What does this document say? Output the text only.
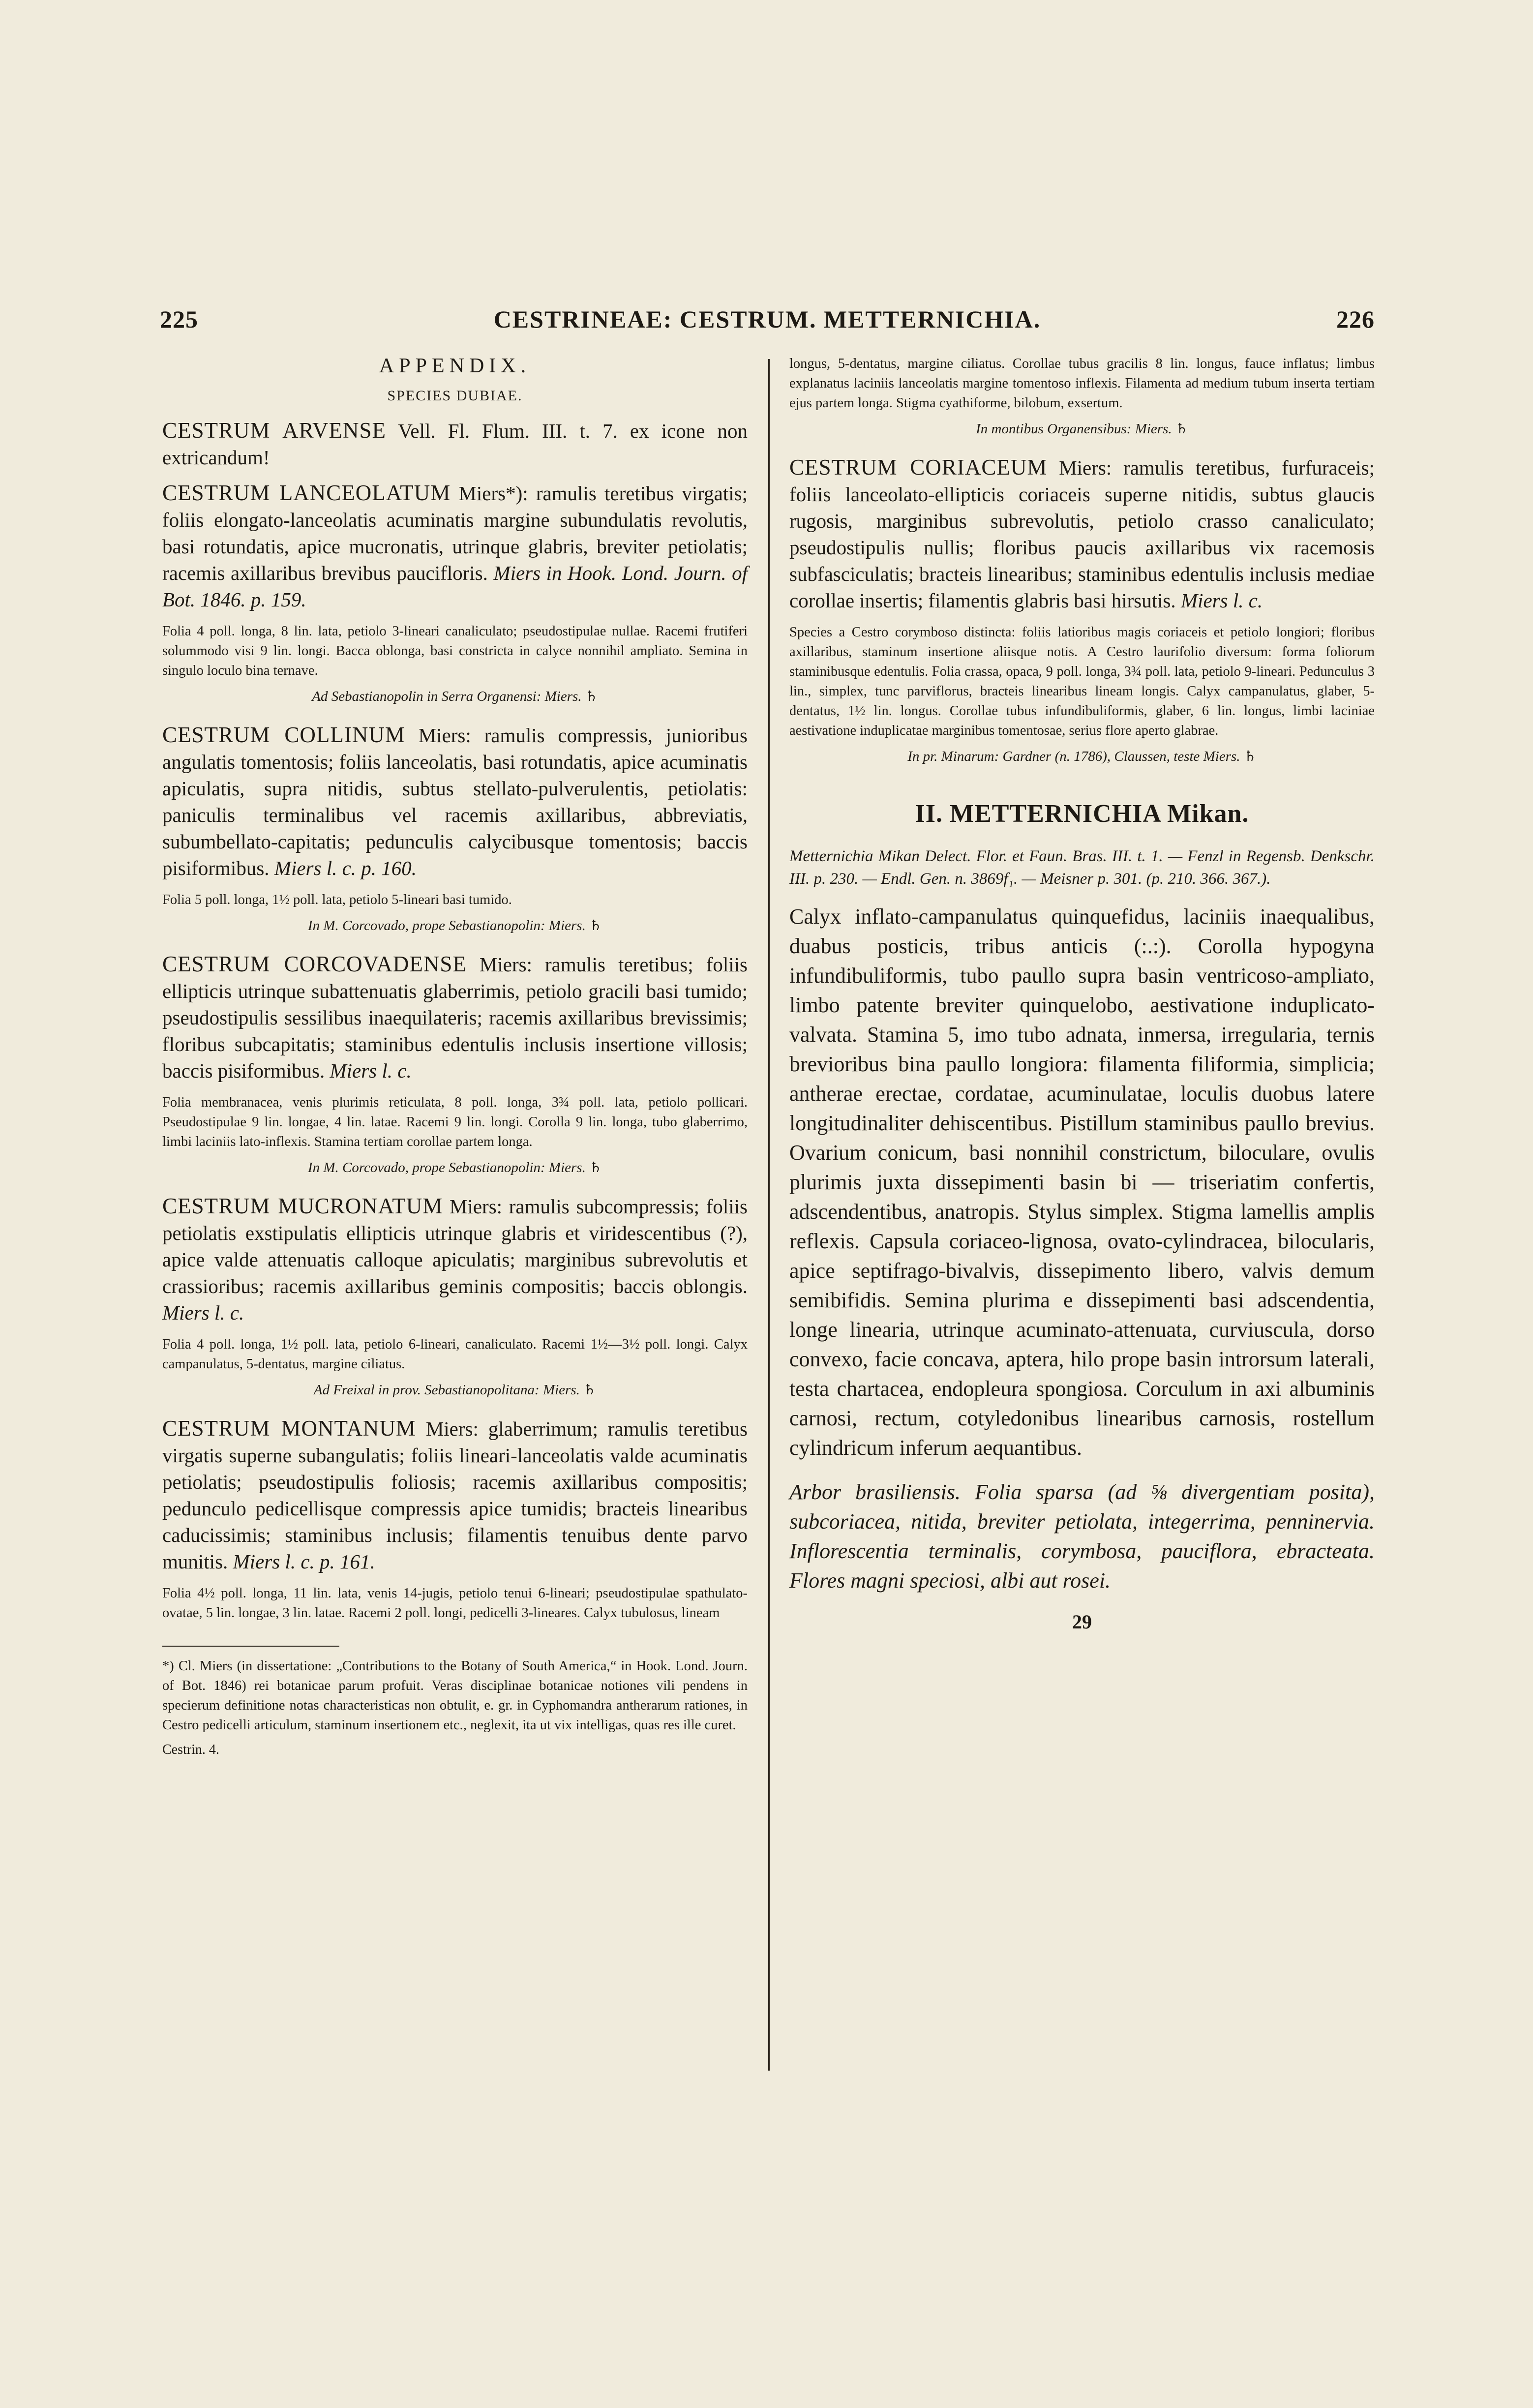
225	CESTRINEAE: CESTRUM. METTERNICHIA.	226

APPENDIX.

SPECIES DUBIAE.

CESTRUM ARVENSE Vell. Fl. Flum. III. t. 7. ex icone non extricandum!

CESTRUM LANCEOLATUM Miers*): ramulis teretibus virgatis; foliis elongato-lanceolatis acuminatis margine subundulatis revolutis, basi rotundatis, apice mucronatis, utrinque glabris, breviter petiolatis; racemis axillaribus brevibus paucifloris. Miers in Hook. Lond. Journ. of Bot. 1846. p. 159.

Folia 4 poll. longa, 8 lin. lata, petiolo 3-lineari canaliculato; pseudostipulae nullae. Racemi frutiferi solummodo visi 9 lin. longi. Bacca oblonga, basi constricta in calyce nonnihil ampliato. Semina in singulo loculo bina ternave.

Ad Sebastianopolin in Serra Organensi: Miers. ♄

CESTRUM COLLINUM Miers: ramulis compressis, junioribus angulatis tomentosis; foliis lanceolatis, basi rotundatis, apice acuminatis apiculatis, supra nitidis, subtus stellato-pulverulentis, petiolatis: paniculis terminalibus vel racemis axillaribus, abbreviatis, subumbellato-capitatis; pedunculis calycibusque tomentosis; baccis pisiformibus. Miers l. c. p. 160.

Folia 5 poll. longa, 1½ poll. lata, petiolo 5-lineari basi tumido.

In M. Corcovado, prope Sebastianopolin: Miers. ♄

CESTRUM CORCOVADENSE Miers: ramulis teretibus; foliis ellipticis utrinque subattenuatis glaberrimis, petiolo gracili basi tumido; pseudostipulis sessilibus inaequilateris; racemis axillaribus brevissimis; floribus subcapitatis; staminibus edentulis inclusis insertione villosis; baccis pisiformibus. Miers l. c.

Folia membranacea, venis plurimis reticulata, 8 poll. longa, 3¾ poll. lata, petiolo pollicari. Pseudostipulae 9 lin. longae, 4 lin. latae. Racemi 9 lin. longi. Corolla 9 lin. longa, tubo glaberrimo, limbi laciniis lato-inflexis. Stamina tertiam corollae partem longa.

In M. Corcovado, prope Sebastianopolin: Miers. ♄

CESTRUM MUCRONATUM Miers: ramulis subcompressis; foliis petiolatis exstipulatis ellipticis utrinque glabris et viridescentibus (?), apice valde attenuatis calloque apiculatis; marginibus subrevolutis et crassioribus; racemis axillaribus geminis compositis; baccis oblongis. Miers l. c.

Folia 4 poll. longa, 1½ poll. lata, petiolo 6-lineari, canaliculato. Racemi 1½—3½ poll. longi. Calyx campanulatus, 5-dentatus, margine ciliatus.

Ad Freixal in prov. Sebastianopolitana: Miers. ♄

CESTRUM MONTANUM Miers: glaberrimum; ramulis teretibus virgatis superne subangulatis; foliis lineari-lanceolatis valde acuminatis petiolatis; pseudostipulis foliosis; racemis axillaribus compositis; pedunculo pedicellisque compressis apice tumidis; bracteis linearibus caducissimis; staminibus inclusis; filamentis tenuibus dente parvo munitis. Miers l. c. p. 161.

Folia 4½ poll. longa, 11 lin. lata, venis 14-jugis, petiolo tenui 6-lineari; pseudostipulae spathulato-ovatae, 5 lin. longae, 3 lin. latae. Racemi 2 poll. longi, pedicelli 3-lineares. Calyx tubulosus, lineam

*) Cl. Miers (in dissertatione: „Contributions to the Botany of South America,“ in Hook. Lond. Journ. of Bot. 1846) rei botanicae parum profuit. Veras disciplinae botanicae notiones vili pendens in specierum definitione notas characteristicas non obtulit, e. gr. in Cyphomandra antherarum rationes, in Cestro pedicelli articulum, staminum insertionem etc., neglexit, ita ut vix intelligas, quas res ille curet.

Cestrin. 4.

longus, 5-dentatus, margine ciliatus. Corollae tubus gracilis 8 lin. longus, fauce inflatus; limbus explanatus laciniis lanceolatis margine tomentoso inflexis. Filamenta ad medium tubum inserta tertiam ejus partem longa. Stigma cyathiforme, bilobum, exsertum.

In montibus Organensibus: Miers. ♄

CESTRUM CORIACEUM Miers: ramulis teretibus, furfuraceis; foliis lanceolato-ellipticis coriaceis superne nitidis, subtus glaucis rugosis, marginibus subrevolutis, petiolo crasso canaliculato; pseudostipulis nullis; floribus paucis axillaribus vix racemosis subfasciculatis; bracteis linearibus; staminibus edentulis inclusis mediae corollae insertis; filamentis glabris basi hirsutis. Miers l. c.

Species a Cestro corymboso distincta: foliis latioribus magis coriaceis et petiolo longiori; floribus axillaribus, staminum insertione aliisque notis. A Cestro laurifolio diversum: forma foliorum staminibusque edentulis. Folia crassa, opaca, 9 poll. longa, 3¾ poll. lata, petiolo 9-lineari. Pedunculus 3 lin., simplex, tunc parviflorus, bracteis linearibus lineam longis. Calyx campanulatus, glaber, 5-dentatus, 1½ lin. longus. Corollae tubus infundibuliformis, glaber, 6 lin. longus, limbi laciniae aestivatione induplicatae marginibus tomentosae, serius flore aperto glabrae.

In pr. Minarum: Gardner (n. 1786), Claussen, teste Miers. ♄

II. METTERNICHIA Mikan.

Metternichia Mikan Delect. Flor. et Faun. Bras. III. t. 1. — Fenzl in Regensb. Denkschr. III. p. 230. — Endl. Gen. n. 3869f₁. — Meisner p. 301. (p. 210. 366. 367.).

Calyx inflato-campanulatus quinquefidus, laciniis inaequalibus, duabus posticis, tribus anticis (:.:). Corolla hypogyna infundibuliformis, tubo paullo supra basin ventricoso-ampliato, limbo patente breviter quinquelobo, aestivatione induplicato-valvata. Stamina 5, imo tubo adnata, inmersa, irregularia, ternis brevioribus bina paullo longiora: filamenta filiformia, simplicia; antherae erectae, cordatae, acuminulatae, loculis duobus latere longitudinaliter dehiscentibus. Pistillum staminibus paullo brevius. Ovarium conicum, basi nonnihil constrictum, biloculare, ovulis plurimis juxta dissepimenti basin bi — triseriatim confertis, adscendentibus, anatropis. Stylus simplex. Stigma lamellis amplis reflexis. Capsula coriaceo-lignosa, ovato-cylindracea, bilocularis, apice septifrago-bivalvis, dissepimento libero, valvis demum semibifidis. Semina plurima e dissepimenti basi adscendentia, longe linearia, utrinque acuminato-attenuata, curviuscula, dorso convexo, facie concava, aptera, hilo prope basin introrsum laterali, testa chartacea, endopleura spongiosa. Corculum in axi albuminis carnosi, rectum, cotyledonibus linearibus carnosis, rostellum cylindricum inferum aequantibus.

Arbor brasiliensis. Folia sparsa (ad ⅝ divergentiam posita), subcoriacea, nitida, breviter petiolata, integerrima, penninervia. Inflorescentia terminalis, corymbosa, pauciflora, ebracteata. Flores magni speciosi, albi aut rosei.

29
